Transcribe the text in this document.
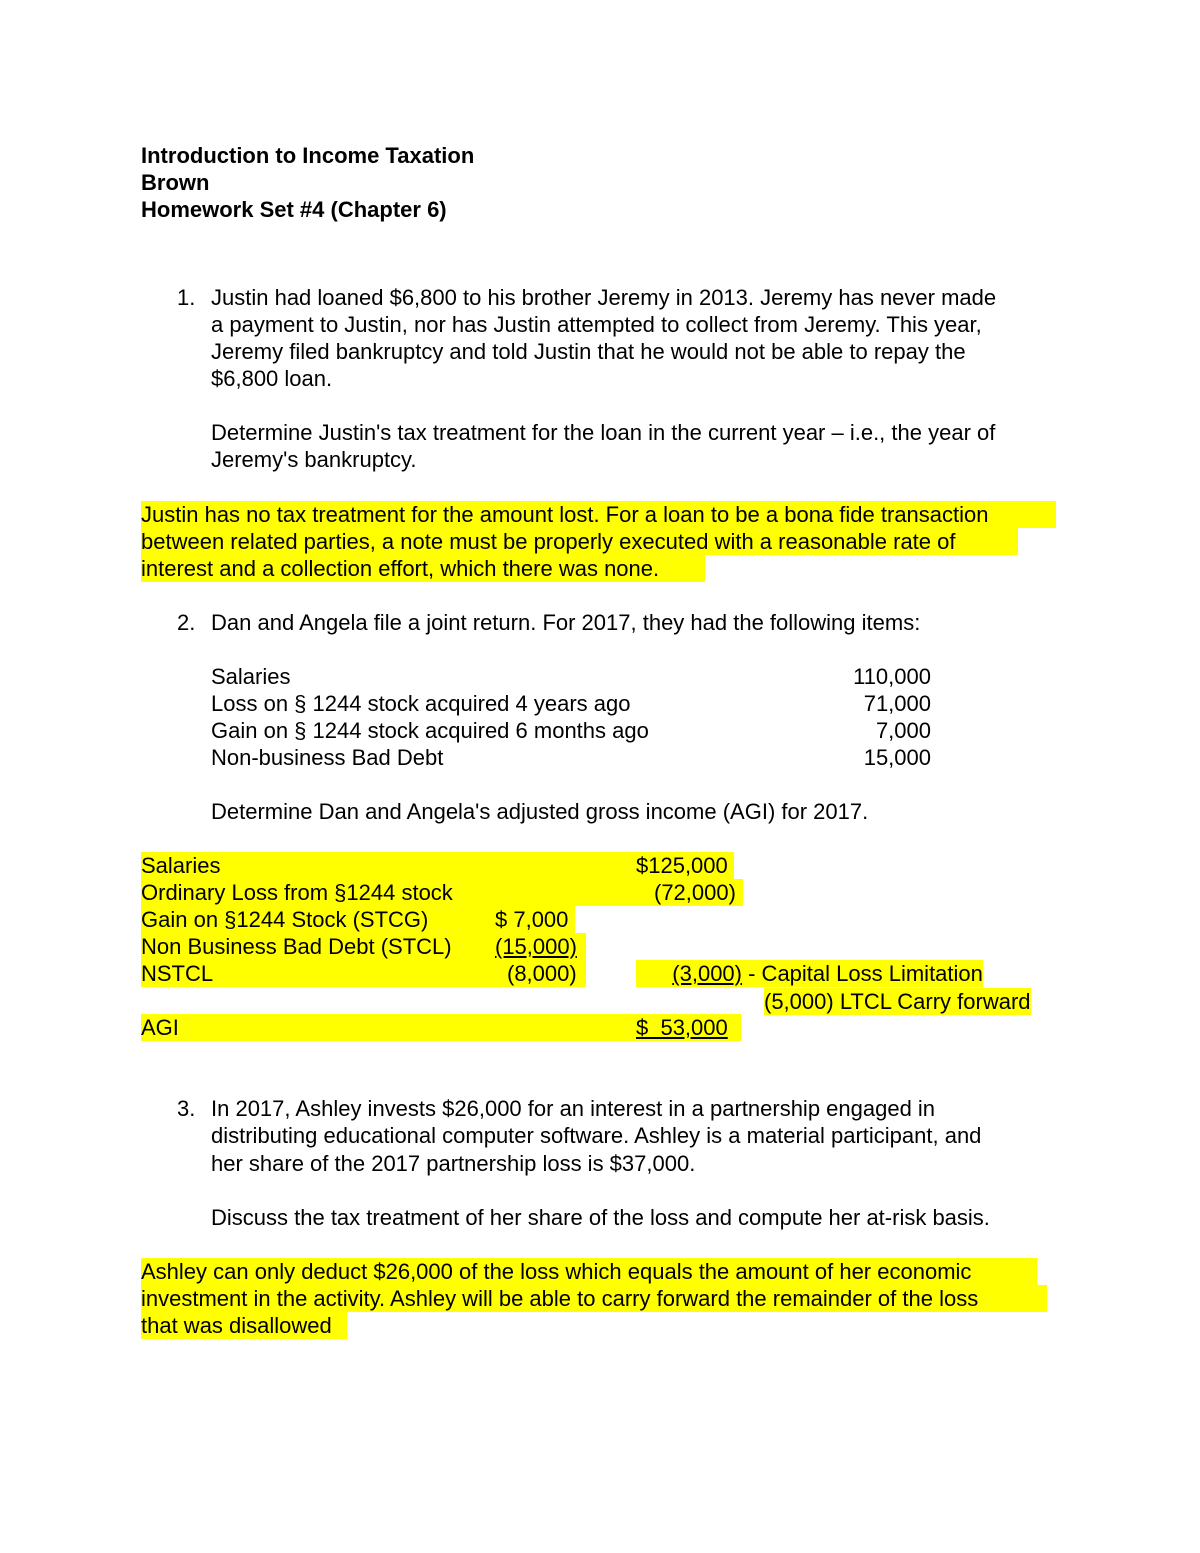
Introduction to Income Taxation
Brown
Homework Set #4 (Chapter 6)
1. Justin had loaned $6,800 to his brother Jeremy in 2013. Jeremy has never made
a payment to Justin, nor has Justin attempted to collect from Jeremy. This year,
Jeremy filed bankruptcy and told Justin that he would not be able to repay the
$6,800 loan.
Determine Justin's tax treatment for the loan in the current year – i.e., the year of
Jeremy's bankruptcy.
Justin has no tax treatment for the amount lost. For a loan to be a bona fide transaction
between related parties, a note must be properly executed with a reasonable rate of
interest and a collection effort, which there was none.
2. Dan and Angela file a joint return. For 2017, they had the following items:
Salaries	110,000
Loss on § 1244 stock acquired 4 years ago	71,000
Gain on § 1244 stock acquired 6 months ago	7,000
Non-business Bad Debt	15,000
Determine Dan and Angela's adjusted gross income (AGI) for 2017.
Salaries	$125,000
Ordinary Loss from §1244 stock	(72,000)
Gain on §1244 Stock (STCG)	$ 7,000
Non Business Bad Debt (STCL) (15,000)
NSTCL	(8,000)	(3,000) - Capital Loss Limitation
(5,000) LTCL Carry forward
AGI	$  53,000
3. In 2017, Ashley invests $26,000 for an interest in a partnership engaged in
distributing educational computer software. Ashley is a material participant, and
her share of the 2017 partnership loss is $37,000.
Discuss the tax treatment of her share of the loss and compute her at-risk basis.
Ashley can only deduct $26,000 of the loss which equals the amount of her economic
investment in the activity. Ashley will be able to carry forward the remainder of the loss
that was disallowed
